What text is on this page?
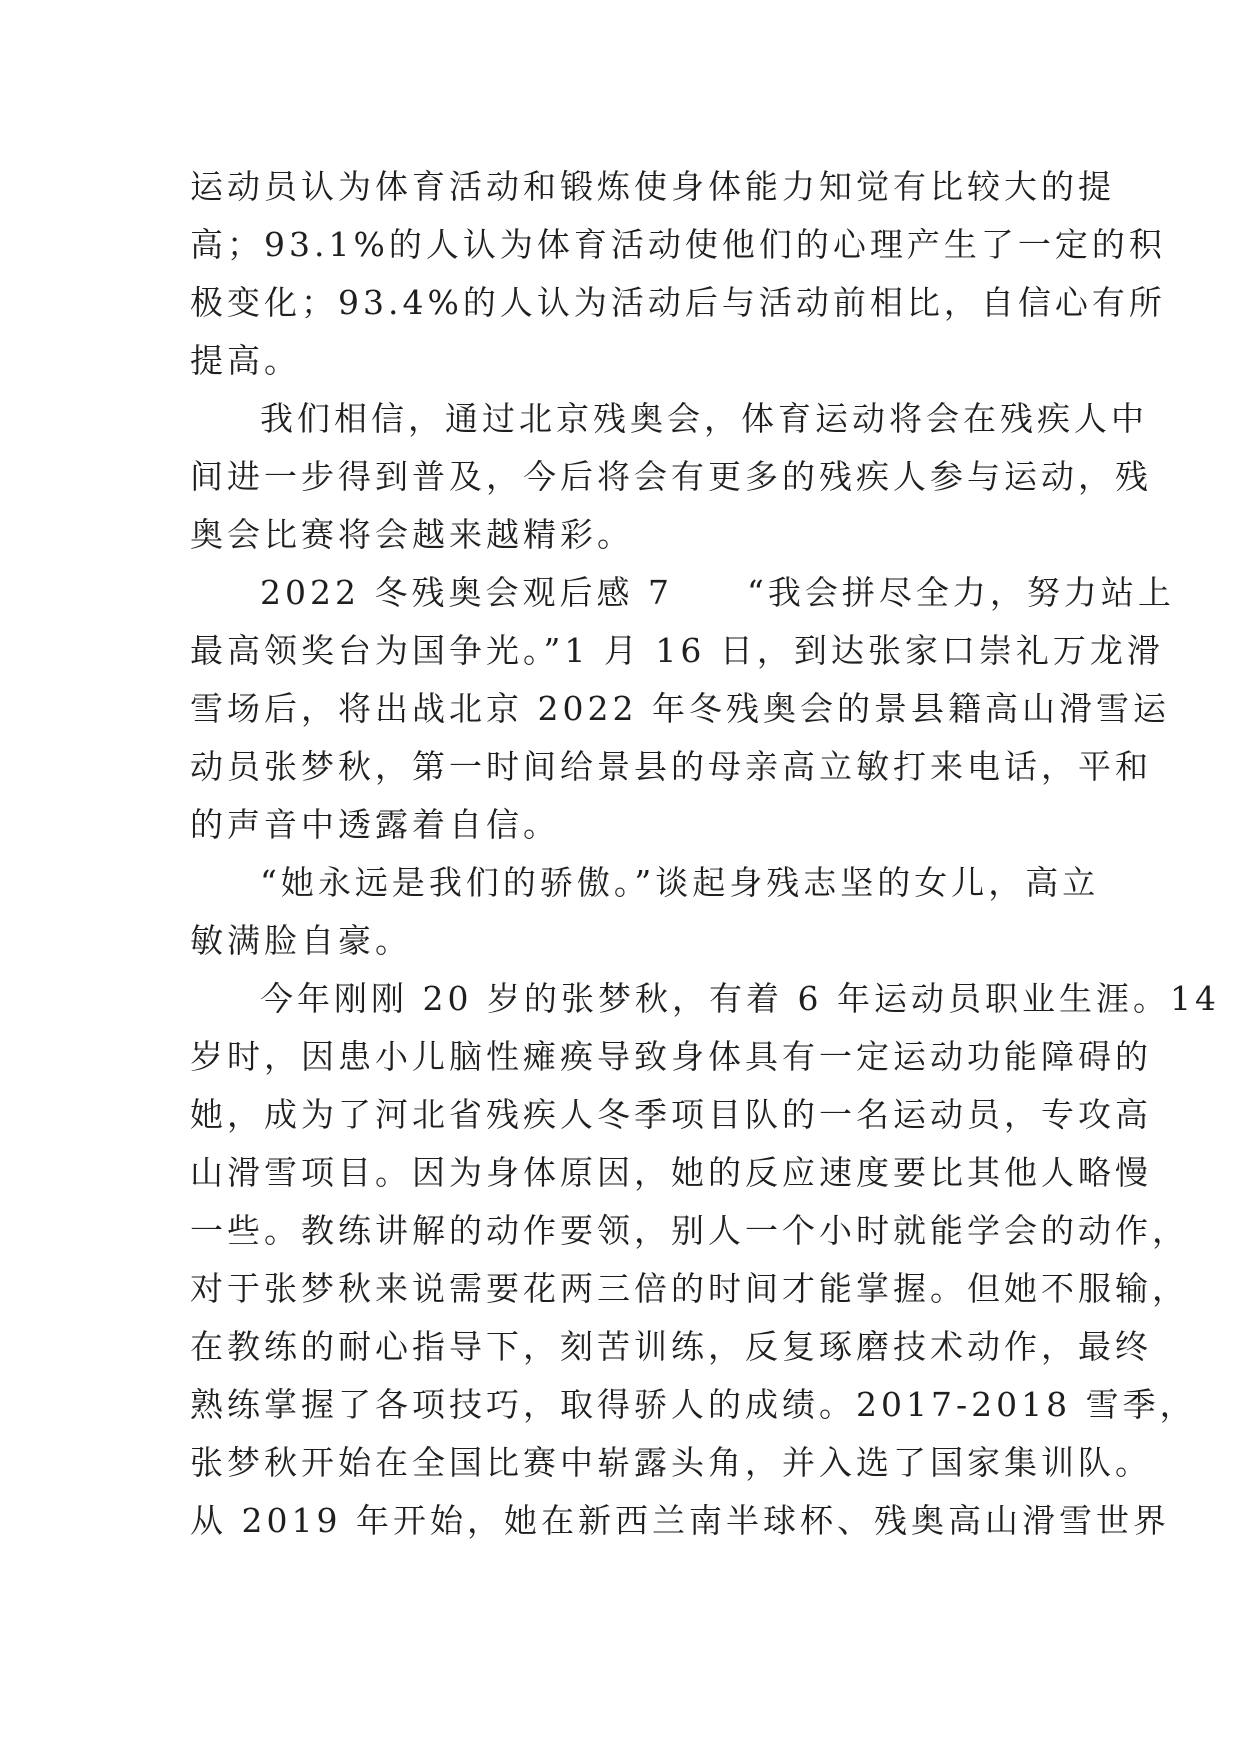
运动员认为体育活动和锻炼使身体能力知觉有比较大的提
高；93.1%的人认为体育活动使他们的心理产生了一定的积
极变化；93.4%的人认为活动后与活动前相比，自信心有所
提高。
我们相信，通过北京残奥会，体育运动将会在残疾人中
间进一步得到普及，今后将会有更多的残疾人参与运动，残
奥会比赛将会越来越精彩。
2022 冬残奥会观后感 7　　“我会拼尽全力，努力站上
最高领奖台为国争光。”1 月 16 日，到达张家口崇礼万龙滑
雪场后，将出战北京 2022 年冬残奥会的景县籍高山滑雪运
动员张梦秋，第一时间给景县的母亲高立敏打来电话，平和
的声音中透露着自信。
“她永远是我们的骄傲。”谈起身残志坚的女儿，高立
敏满脸自豪。
今年刚刚 20 岁的张梦秋，有着 6 年运动员职业生涯。14
岁时，因患小儿脑性瘫痪导致身体具有一定运动功能障碍的
她，成为了河北省残疾人冬季项目队的一名运动员，专攻高
山滑雪项目。因为身体原因，她的反应速度要比其他人略慢
一些。教练讲解的动作要领，别人一个小时就能学会的动作，
对于张梦秋来说需要花两三倍的时间才能掌握。但她不服输，
在教练的耐心指导下，刻苦训练，反复琢磨技术动作，最终
熟练掌握了各项技巧，取得骄人的成绩。2017-2018 雪季，
张梦秋开始在全国比赛中崭露头角，并入选了国家集训队。
从 2019 年开始，她在新西兰南半球杯、残奥高山滑雪世界
